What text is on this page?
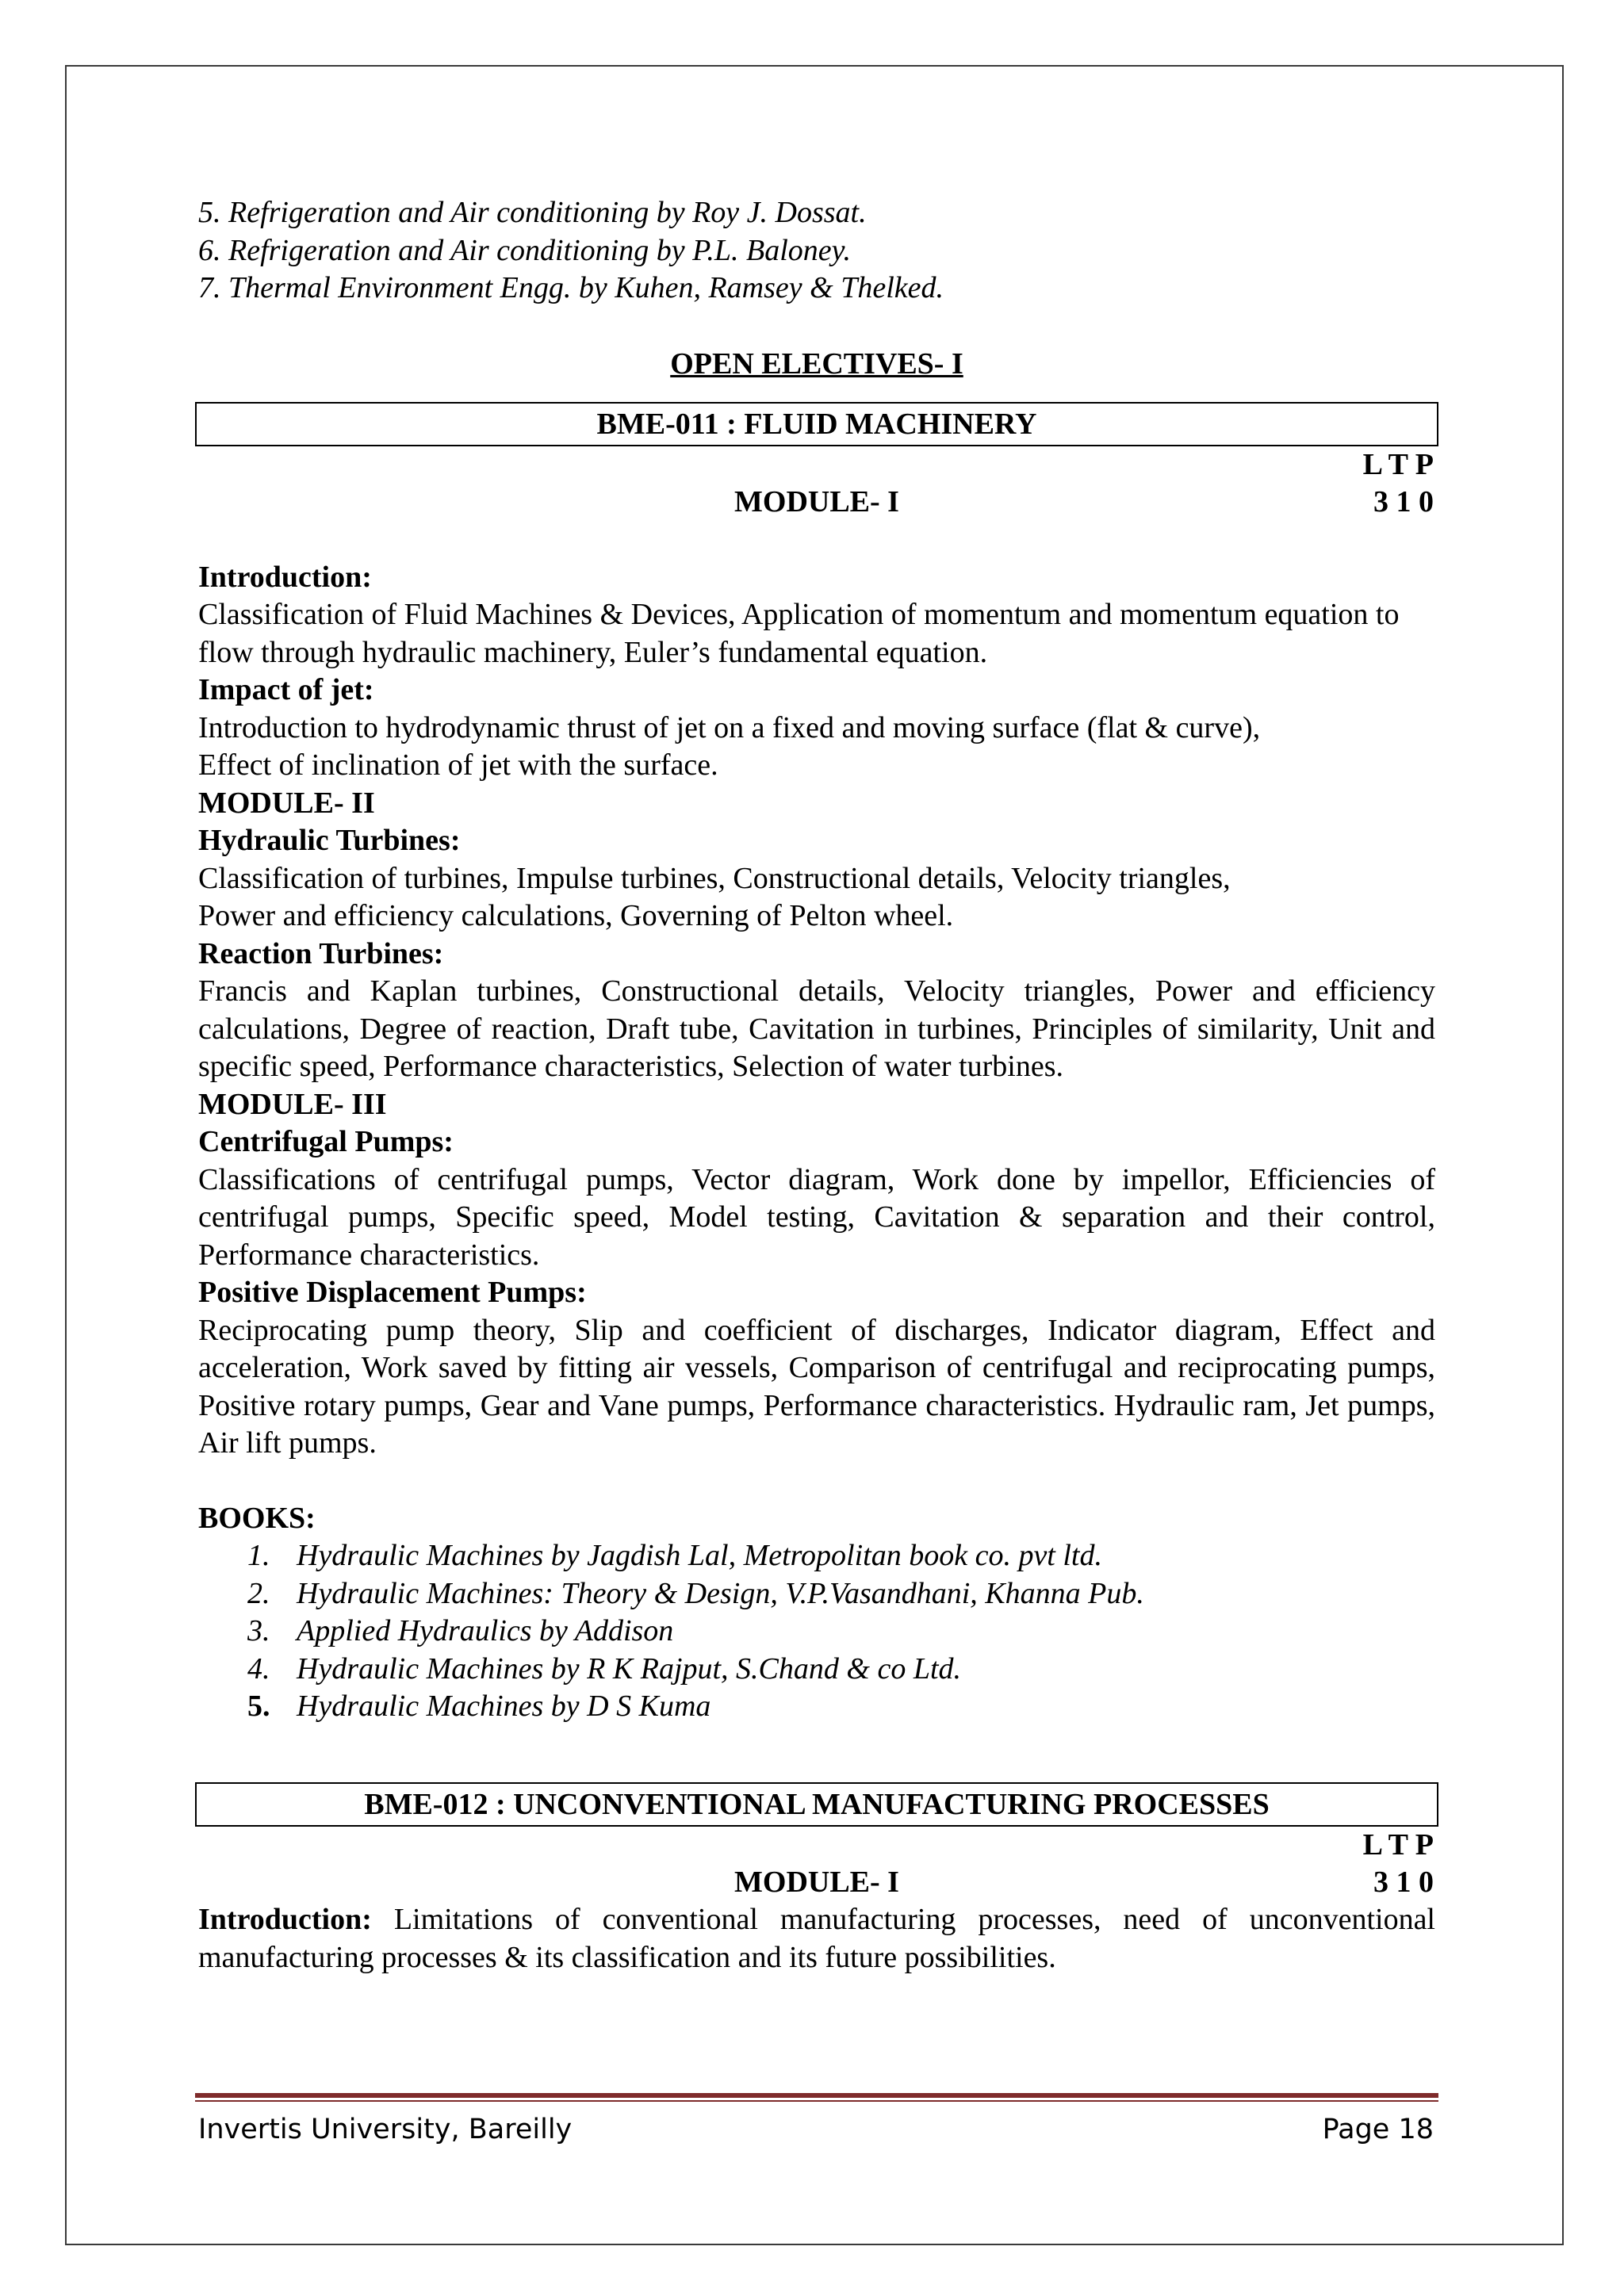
5. Refrigeration and Air conditioning by Roy J. Dossat.

6. Refrigeration and Air conditioning by P.L. Baloney.

7. Thermal Environment Engg. by Kuhen, Ramsey & Thelked.

OPEN ELECTIVES- I

BME-011 : FLUID MACHINERY
L T P
3 1 0

MODULE- I

Introduction:

Classification of Fluid Machines & Devices, Application of momentum and momentum equation to flow through hydraulic machinery, Euler’s fundamental equation.

Impact of jet:

Introduction to hydrodynamic thrust of jet on a fixed and moving surface (flat & curve),

Effect of inclination of jet with the surface.

MODULE- II

Hydraulic Turbines:

Classification of turbines, Impulse turbines, Constructional details, Velocity triangles,

Power and efficiency calculations, Governing of Pelton wheel.

Reaction Turbines:

Francis and Kaplan turbines, Constructional details, Velocity triangles, Power and efficiency calculations, Degree of reaction, Draft tube, Cavitation in turbines, Principles of similarity, Unit and specific speed, Performance characteristics, Selection of water turbines.

MODULE- III

Centrifugal Pumps:

Classifications of centrifugal pumps, Vector diagram, Work done by impellor, Efficiencies of centrifugal pumps, Specific speed, Model testing, Cavitation & separation and their control, Performance characteristics.

Positive Displacement Pumps:

Reciprocating pump theory, Slip and coefficient of discharges, Indicator diagram, Effect and acceleration, Work saved by fitting air vessels, Comparison of centrifugal and reciprocating pumps, Positive rotary pumps, Gear and Vane pumps, Performance characteristics. Hydraulic ram, Jet pumps, Air lift pumps.

BOOKS:

1. Hydraulic Machines by Jagdish Lal, Metropolitan book co. pvt ltd.
2. Hydraulic Machines: Theory & Design, V.P.Vasandhani, Khanna Pub.
3. Applied Hydraulics by Addison
4. Hydraulic Machines by R K Rajput, S.Chand & co Ltd.
5. Hydraulic Machines by D S Kuma
BME-012 : UNCONVENTIONAL MANUFACTURING PROCESSES
L T P
3 1 0

MODULE- I

Introduction: Limitations of conventional manufacturing processes, need of unconventional manufacturing processes & its classification and its future possibilities.

Invertis University, Bareilly	Page 18
